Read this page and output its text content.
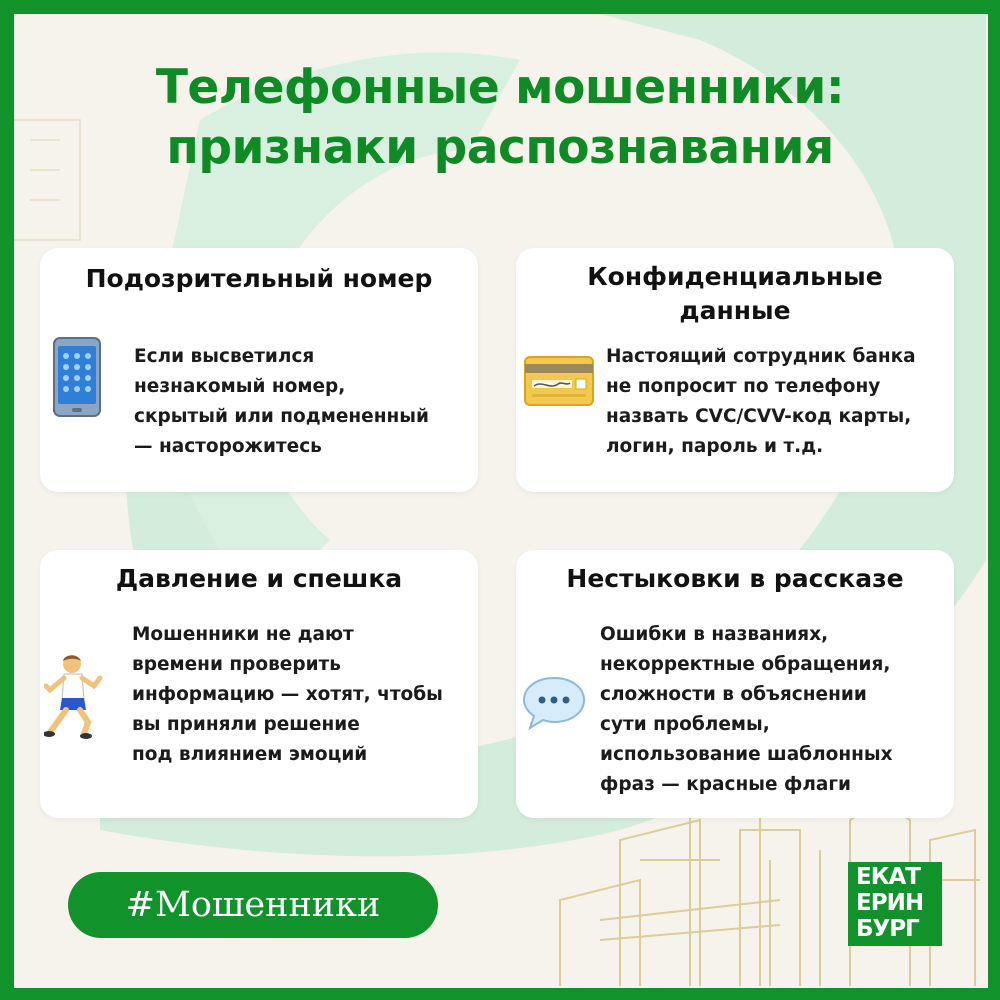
Телефонные мошенники:
признаки распознавания
Подозрительный номер
Если высветился
незнакомый номер,
скрытый или подмененный
— насторожитесь
Конфиденциальные
данные
Настоящий сотрудник банка
не попросит по телефону
назвать CVC/CVV-код карты,
логин, пароль и т.д.
Давление и спешка
Мошенники не дают
времени проверить
информацию — хотят, чтобы
вы приняли решение
под влиянием эмоций
Нестыковки в рассказе
Ошибки в названиях,
некорректные обращения,
сложности в объяснении
сути проблемы,
использование шаблонных
фраз — красные флаги
#Мошенники
ЕКАТ
ЕРИН
БУРГ
